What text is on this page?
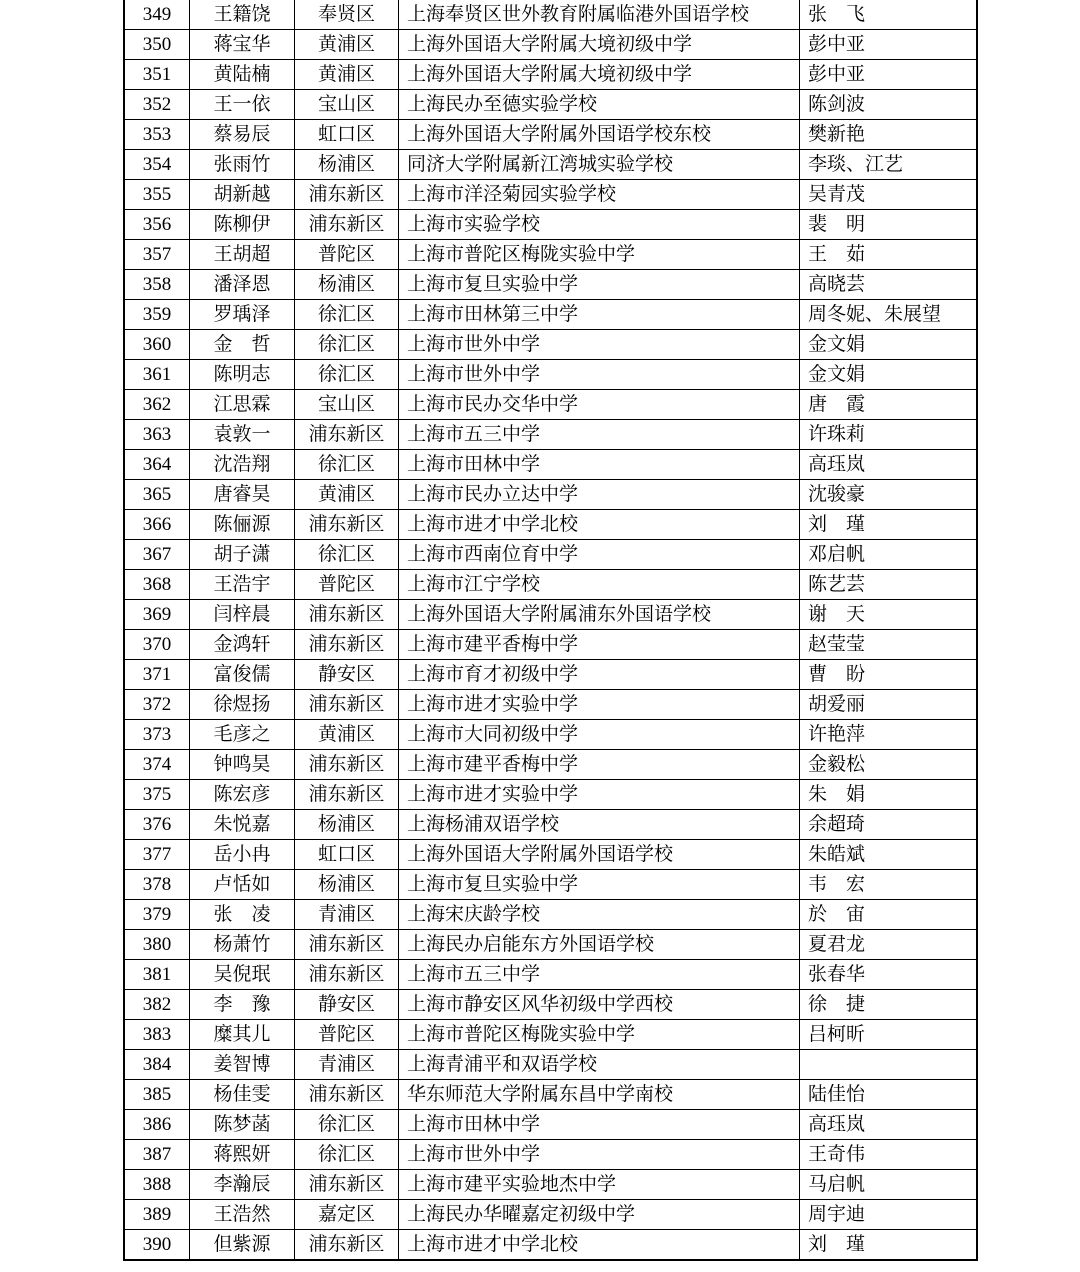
349	王籍饶	奉贤区	上海奉贤区世外教育附属临港外国语学校	张　飞
350	蒋宝华	黄浦区	上海外国语大学附属大境初级中学	彭中亚
351	黄陆楠	黄浦区	上海外国语大学附属大境初级中学	彭中亚
352	王一依	宝山区	上海民办至德实验学校	陈剑波
353	蔡易辰	虹口区	上海外国语大学附属外国语学校东校	樊新艳
354	张雨竹	杨浦区	同济大学附属新江湾城实验学校	李琰、江艺
355	胡新越	浦东新区	上海市洋泾菊园实验学校	吴青茂
356	陈柳伊	浦东新区	上海市实验学校	裴　明
357	王胡超	普陀区	上海市普陀区梅陇实验中学	王　茹
358	潘泽恩	杨浦区	上海市复旦实验中学	高晓芸
359	罗瑀泽	徐汇区	上海市田林第三中学	周冬妮、朱展望
360	金　哲	徐汇区	上海市世外中学	金文娟
361	陈明志	徐汇区	上海市世外中学	金文娟
362	江思霖	宝山区	上海市民办交华中学	唐　霞
363	袁敦一	浦东新区	上海市五三中学	许珠莉
364	沈浩翔	徐汇区	上海市田林中学	高珏岚
365	唐睿昊	黄浦区	上海市民办立达中学	沈骏豪
366	陈俪源	浦东新区	上海市进才中学北校	刘　瑾
367	胡子潇	徐汇区	上海市西南位育中学	邓启帆
368	王浩宇	普陀区	上海市江宁学校	陈艺芸
369	闫梓晨	浦东新区	上海外国语大学附属浦东外国语学校	谢　天
370	金鸿轩	浦东新区	上海市建平香梅中学	赵莹莹
371	富俊儒	静安区	上海市育才初级中学	曹　盼
372	徐煜扬	浦东新区	上海市进才实验中学	胡爱丽
373	毛彦之	黄浦区	上海市大同初级中学	许艳萍
374	钟鸣昊	浦东新区	上海市建平香梅中学	金毅松
375	陈宏彦	浦东新区	上海市进才实验中学	朱　娟
376	朱悦嘉	杨浦区	上海杨浦双语学校	余超琦
377	岳小冉	虹口区	上海外国语大学附属外国语学校	朱皓斌
378	卢恬如	杨浦区	上海市复旦实验中学	韦　宏
379	张　凌	青浦区	上海宋庆龄学校	於　宙
380	杨萧竹	浦东新区	上海民办启能东方外国语学校	夏君龙
381	吴倪珉	浦东新区	上海市五三中学	张春华
382	李　豫	静安区	上海市静安区风华初级中学西校	徐　捷
383	糜其儿	普陀区	上海市普陀区梅陇实验中学	吕柯昕
384	姜智博	青浦区	上海青浦平和双语学校	
385	杨佳雯	浦东新区	华东师范大学附属东昌中学南校	陆佳怡
386	陈梦菡	徐汇区	上海市田林中学	高珏岚
387	蒋熙妍	徐汇区	上海市世外中学	王奇伟
388	李瀚辰	浦东新区	上海市建平实验地杰中学	马启帆
389	王浩然	嘉定区	上海民办华曜嘉定初级中学	周宇迪
390	但紫源	浦东新区	上海市进才中学北校	刘　瑾
